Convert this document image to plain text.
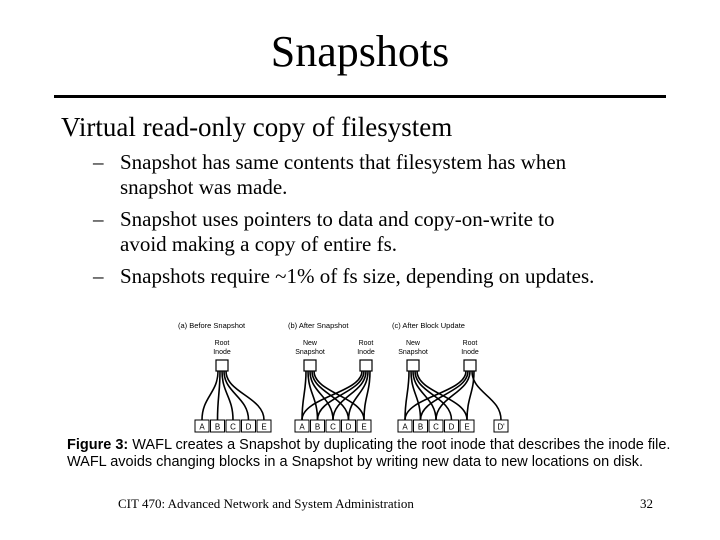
Snapshots
Virtual read-only copy of filesystem
– Snapshot has same contents that filesystem has when
snapshot was made.
– Snapshot uses pointers to data and copy-on-write to
avoid making a copy of entire fs.
– Snapshots require ~1% of fs size, depending on updates.
(a) Before Snapshot
A B C D E
Root
Inode
(b) After Snapshot
A B C D E
New
Snapshot
Root
Inode
(c) After Block Update
A B C D E	D'
New
Snapshot
Root
Inode
Figure 3: WAFL creates a Snapshot by duplicating the root inode that describes the inode file.
WAFL avoids changing blocks in a Snapshot by writing new data to new locations on disk.
CIT 470: Advanced Network and System Administration	32
